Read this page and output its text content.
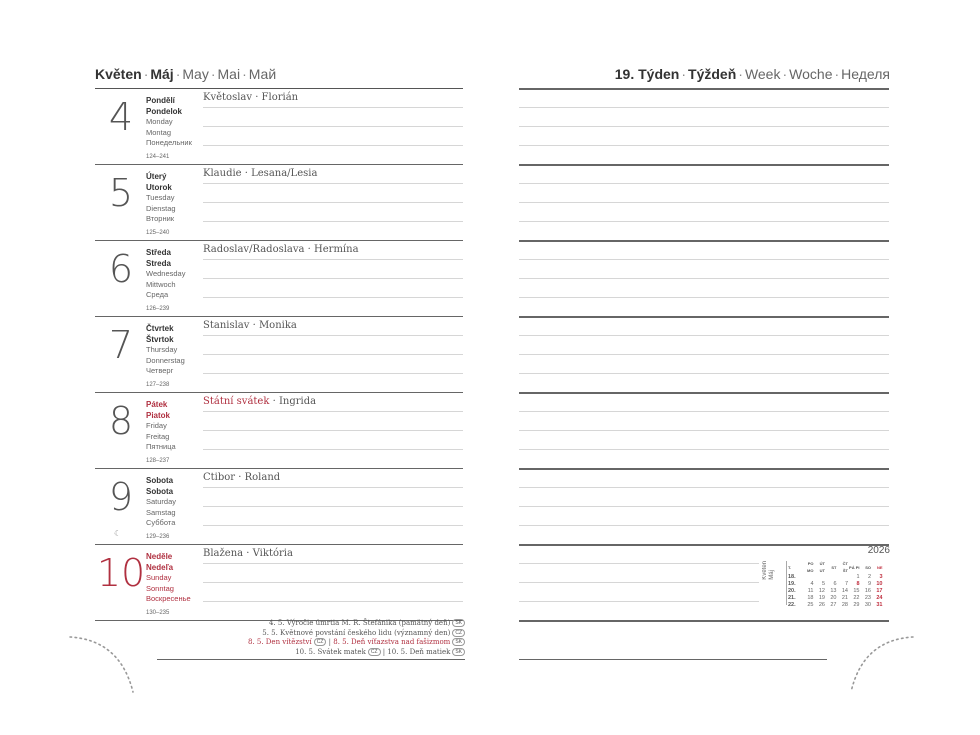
Květen · Máj · May · Mai · Май	19. Týden · Týždeň · Week · Woche · Неделя
4	Pondělí
Pondelok
Monday
Montag
Понедельник
124–241
Květoslav · Florián
5	Úterý
Utorok
Tuesday
Dienstag
Вторник
125–240
Klaudie · Lesana/Lesia
6	Středa
Streda
Wednesday
Mittwoch
Среда
126–239
Radoslav/Radoslava · Hermína
7	Čtvrtek
Štvrtok
Thursday
Donnerstag
Четверг
127–238
Stanislav · Monika
8	Pátek
Piatok
Friday
Freitag
Пятница
128–237
Státní svátek · Ingrida
9
☾
Sobota
Sobota
Saturday
Samstag
Суббота
129–236
Ctibor · Roland
10 Neděle
Nedeľa
Sunday
Sonntag
Воскресенье
130–235
Blažena · Viktória
4. 5. Výročie úmrtia M. R. Štefánika (pamätný deň) SK
5. 5. Květnové povstání českého lidu (významný den) CZ
8. 5. Den vítězství CZ | 8. 5. Deň víťazstva nad fašizmom SK
10. 5. Svátek matek CZ | 10. 5. Deň matiek SK
2026
Květen
Máj
T.	PO MO	ÚT UT	ST	ČT ŠT	PÁ PI	SO	NE
18.					1	2	3
19.	4	5	6	7	8	9	10
20.	11	12	13	14	15	16	17
21.	18	19	20	21	22	23	24
22.	25	26	27	28	29	30	31
